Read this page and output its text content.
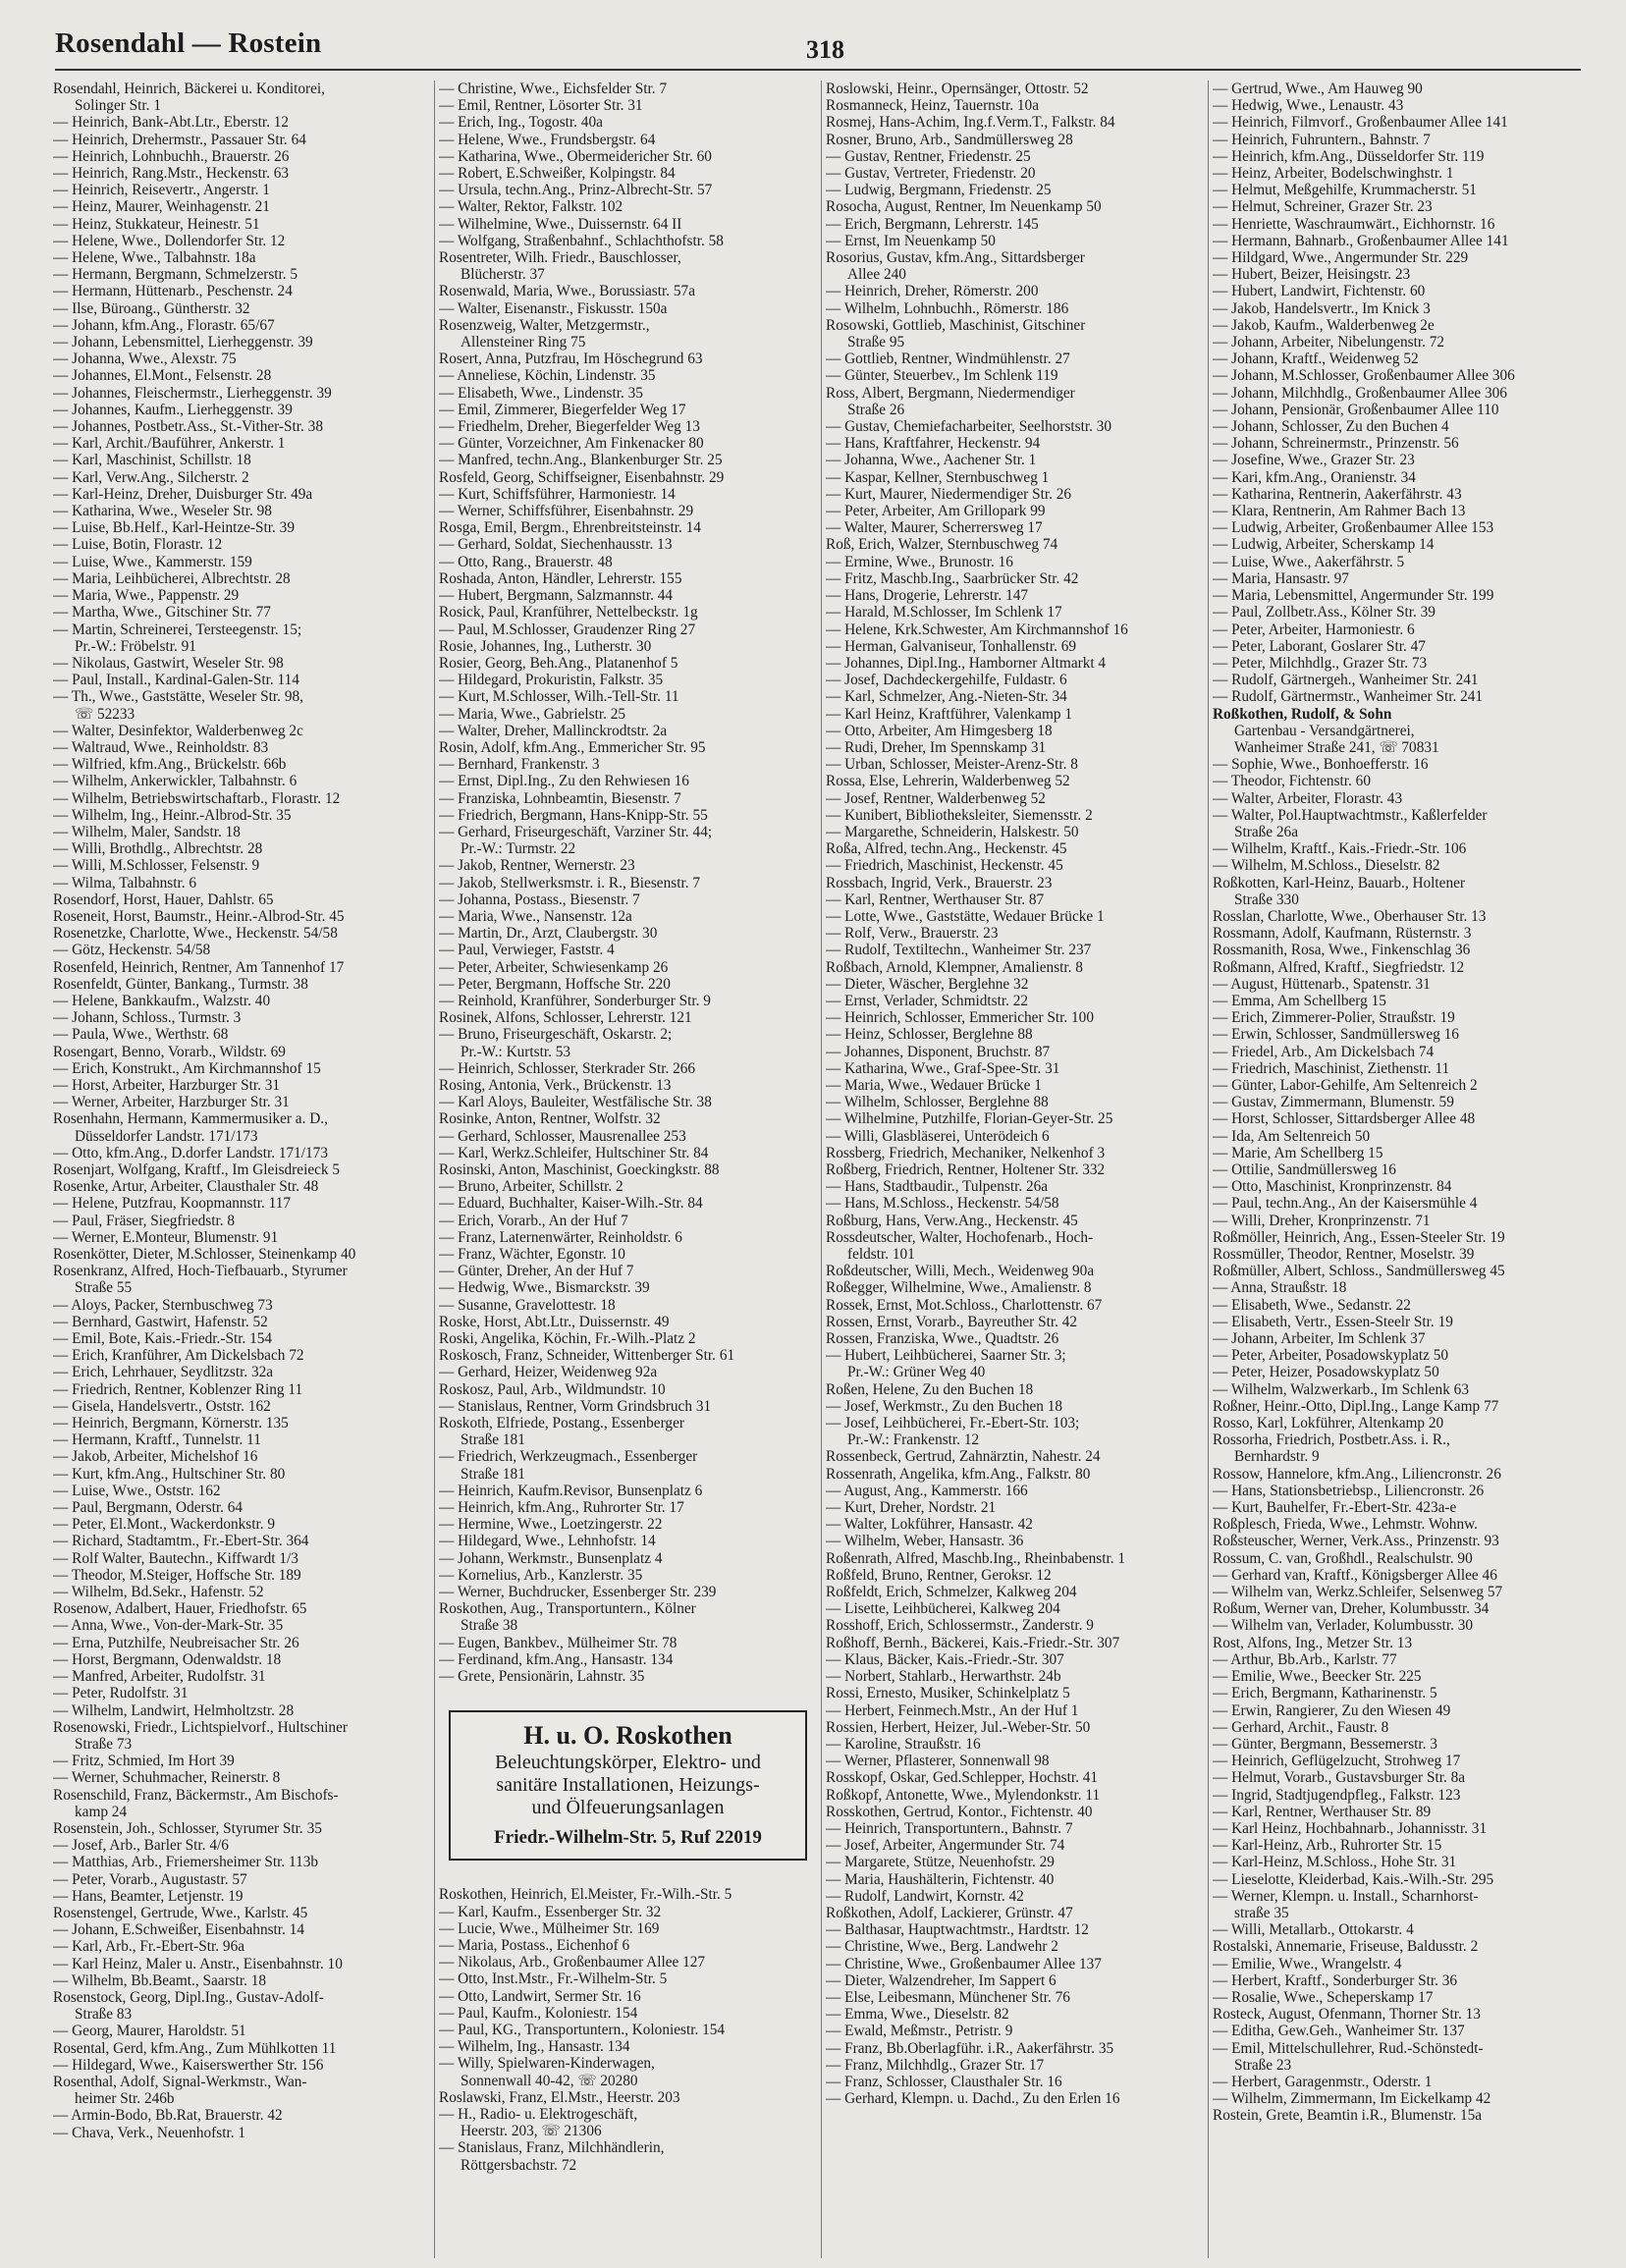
Rosendahl — Rostein	318
Rosendahl, Heinrich, Bäckerei u. Konditorei,
Solinger Str. 1
— Heinrich, Bank-Abt.Ltr., Eberstr. 12
— Heinrich, Drehermstr., Passauer Str. 64
— Heinrich, Lohnbuchh., Brauerstr. 26
— Heinrich, Rang.Mstr., Heckenstr. 63
— Heinrich, Reisevertr., Angerstr. 1
— Heinz, Maurer, Weinhagenstr. 21
— Heinz, Stukkateur, Heinestr. 51
— Helene, Wwe., Dollendorfer Str. 12
— Helene, Wwe., Talbahnstr. 18a
— Hermann, Bergmann, Schmelzerstr. 5
— Hermann, Hüttenarb., Peschenstr. 24
— Ilse, Büroang., Güntherstr. 32
— Johann, kfm.Ang., Florastr. 65/67
— Johann, Lebensmittel, Lierheggenstr. 39
— Johanna, Wwe., Alexstr. 75
— Johannes, El.Mont., Felsenstr. 28
— Johannes, Fleischermstr., Lierheggenstr. 39
— Johannes, Kaufm., Lierheggenstr. 39
— Johannes, Postbetr.Ass., St.-Vither-Str. 38
— Karl, Archit./Bauführer, Ankerstr. 1
— Karl, Maschinist, Schillstr. 18
— Karl, Verw.Ang., Silcherstr. 2
— Karl-Heinz, Dreher, Duisburger Str. 49a
— Katharina, Wwe., Weseler Str. 98
— Luise, Bb.Helf., Karl-Heintze-Str. 39
— Luise, Botin, Florastr. 12
— Luise, Wwe., Kammerstr. 159
— Maria, Leihbücherei, Albrechtstr. 28
— Maria, Wwe., Pappenstr. 29
— Martha, Wwe., Gitschiner Str. 77
— Martin, Schreinerei, Tersteegenstr. 15;
Pr.-W.: Fröbelstr. 91
— Nikolaus, Gastwirt, Weseler Str. 98
— Paul, Install., Kardinal-Galen-Str. 114
— Th., Wwe., Gaststätte, Weseler Str. 98,
☏ 52233
— Walter, Desinfektor, Walderbenweg 2c
— Waltraud, Wwe., Reinholdstr. 83
— Wilfried, kfm.Ang., Brückelstr. 66b
— Wilhelm, Ankerwickler, Talbahnstr. 6
— Wilhelm, Betriebswirtschaftarb., Florastr. 12
— Wilhelm, Ing., Heinr.-Albrod-Str. 35
— Wilhelm, Maler, Sandstr. 18
— Willi, Brothdlg., Albrechtstr. 28
— Willi, M.Schlosser, Felsenstr. 9
— Wilma, Talbahnstr. 6
Rosendorf, Horst, Hauer, Dahlstr. 65
Roseneit, Horst, Baumstr., Heinr.-Albrod-Str. 45
Rosenetzke, Charlotte, Wwe., Heckenstr. 54/58
— Götz, Heckenstr. 54/58
Rosenfeld, Heinrich, Rentner, Am Tannenhof 17
Rosenfeldt, Günter, Bankang., Turmstr. 38
— Helene, Bankkaufm., Walzstr. 40
— Johann, Schloss., Turmstr. 3
— Paula, Wwe., Werthstr. 68
Rosengart, Benno, Vorarb., Wildstr. 69
— Erich, Konstrukt., Am Kirchmannshof 15
— Horst, Arbeiter, Harzburger Str. 31
— Werner, Arbeiter, Harzburger Str. 31
Rosenhahn, Hermann, Kammermusiker a. D.,
Düsseldorfer Landstr. 171/173
— Otto, kfm.Ang., D.dorfer Landstr. 171/173
Rosenjart, Wolfgang, Kraftf., Im Gleisdreieck 5
Rosenke, Artur, Arbeiter, Clausthaler Str. 48
— Helene, Putzfrau, Koopmannstr. 117
— Paul, Fräser, Siegfriedstr. 8
— Werner, E.Monteur, Blumenstr. 91
Rosenkötter, Dieter, M.Schlosser, Steinenkamp 40
Rosenkranz, Alfred, Hoch-Tiefbauarb., Styrumer
Straße 55
— Aloys, Packer, Sternbuschweg 73
— Bernhard, Gastwirt, Hafenstr. 52
— Emil, Bote, Kais.-Friedr.-Str. 154
— Erich, Kranführer, Am Dickelsbach 72
— Erich, Lehrhauer, Seydlitzstr. 32a
— Friedrich, Rentner, Koblenzer Ring 11
— Gisela, Handelsvertr., Oststr. 162
— Heinrich, Bergmann, Körnerstr. 135
— Hermann, Kraftf., Tunnelstr. 11
— Jakob, Arbeiter, Michelshof 16
— Kurt, kfm.Ang., Hultschiner Str. 80
— Luise, Wwe., Oststr. 162
— Paul, Bergmann, Oderstr. 64
— Peter, El.Mont., Wackerdonkstr. 9
— Richard, Stadtamtm., Fr.-Ebert-Str. 364
— Rolf Walter, Bautechn., Kiffwardt 1/3
— Theodor, M.Steiger, Hoffsche Str. 189
— Wilhelm, Bd.Sekr., Hafenstr. 52
Rosenow, Adalbert, Hauer, Friedhofstr. 65
— Anna, Wwe., Von-der-Mark-Str. 35
— Erna, Putzhilfe, Neubreisacher Str. 26
— Horst, Bergmann, Odenwaldstr. 18
— Manfred, Arbeiter, Rudolfstr. 31
— Peter, Rudolfstr. 31
— Wilhelm, Landwirt, Helmholtzstr. 28
Rosenowski, Friedr., Lichtspielvorf., Hultschiner
Straße 73
— Fritz, Schmied, Im Hort 39
— Werner, Schuhmacher, Reinerstr. 8
Rosenschild, Franz, Bäckermstr., Am Bischofs-
kamp 24
Rosenstein, Joh., Schlosser, Styrumer Str. 35
— Josef, Arb., Barler Str. 4/6
— Matthias, Arb., Friemersheimer Str. 113b
— Peter, Vorarb., Augustastr. 57
— Hans, Beamter, Letjenstr. 19
Rosenstengel, Gertrude, Wwe., Karlstr. 45
— Johann, E.Schweißer, Eisenbahnstr. 14
— Karl, Arb., Fr.-Ebert-Str. 96a
— Karl Heinz, Maler u. Anstr., Eisenbahnstr. 10
— Wilhelm, Bb.Beamt., Saarstr. 18
Rosenstock, Georg, Dipl.Ing., Gustav-Adolf-
Straße 83
— Georg, Maurer, Haroldstr. 51
Rosental, Gerd, kfm.Ang., Zum Mühlkotten 11
— Hildegard, Wwe., Kaiserswerther Str. 156
Rosenthal, Adolf, Signal-Werkmstr., Wan-
heimer Str. 246b
— Armin-Bodo, Bb.Rat, Brauerstr. 42
— Chava, Verk., Neuenhofstr. 1
— Christine, Wwe., Eichsfelder Str. 7
— Emil, Rentner, Lösorter Str. 31
— Erich, Ing., Togostr. 40a
— Helene, Wwe., Frundsbergstr. 64
— Katharina, Wwe., Obermeidericher Str. 60
— Robert, E.Schweißer, Kolpingstr. 84
— Ursula, techn.Ang., Prinz-Albrecht-Str. 57
— Walter, Rektor, Falkstr. 102
— Wilhelmine, Wwe., Duissernstr. 64 II
— Wolfgang, Straßenbahnf., Schlachthofstr. 58
Rosentreter, Wilh. Friedr., Bauschlosser,
Blücherstr. 37
Rosenwald, Maria, Wwe., Borussiastr. 57a
— Walter, Eisenanstr., Fiskusstr. 150a
Rosenzweig, Walter, Metzgermstr.,
Allensteiner Ring 75
Rosert, Anna, Putzfrau, Im Höschegrund 63
— Anneliese, Köchin, Lindenstr. 35
— Elisabeth, Wwe., Lindenstr. 35
— Emil, Zimmerer, Biegerfelder Weg 17
— Friedhelm, Dreher, Biegerfelder Weg 13
— Günter, Vorzeichner, Am Finkenacker 80
— Manfred, techn.Ang., Blankenburger Str. 25
Rosfeld, Georg, Schiffseigner, Eisenbahnstr. 29
— Kurt, Schiffsführer, Harmoniestr. 14
— Werner, Schiffsführer, Eisenbahnstr. 29
Rosga, Emil, Bergm., Ehrenbreitsteinstr. 14
— Gerhard, Soldat, Siechenhausstr. 13
— Otto, Rang., Brauerstr. 48
Roshada, Anton, Händler, Lehrerstr. 155
— Hubert, Bergmann, Salzmannstr. 44
Rosick, Paul, Kranführer, Nettelbeckstr. 1g
— Paul, M.Schlosser, Graudenzer Ring 27
Rosie, Johannes, Ing., Lutherstr. 30
Rosier, Georg, Beh.Ang., Platanenhof 5
— Hildegard, Prokuristin, Falkstr. 35
— Kurt, M.Schlosser, Wilh.-Tell-Str. 11
— Maria, Wwe., Gabrielstr. 25
— Walter, Dreher, Mallinckrodtstr. 2a
Rosin, Adolf, kfm.Ang., Emmericher Str. 95
— Bernhard, Frankenstr. 3
— Ernst, Dipl.Ing., Zu den Rehwiesen 16
— Franziska, Lohnbeamtin, Biesenstr. 7
— Friedrich, Bergmann, Hans-Knipp-Str. 55
— Gerhard, Friseurgeschäft, Varziner Str. 44;
Pr.-W.: Turmstr. 22
— Jakob, Rentner, Wernerstr. 23
— Jakob, Stellwerksmstr. i. R., Biesenstr. 7
— Johanna, Postass., Biesenstr. 7
— Maria, Wwe., Nansenstr. 12a
— Martin, Dr., Arzt, Claubergstr. 30
— Paul, Verwieger, Faststr. 4
— Peter, Arbeiter, Schwiesenkamp 26
— Peter, Bergmann, Hoffsche Str. 220
— Reinhold, Kranführer, Sonderburger Str. 9
Rosinek, Alfons, Schlosser, Lehrerstr. 121
— Bruno, Friseurgeschäft, Oskarstr. 2;
Pr.-W.: Kurtstr. 53
— Heinrich, Schlosser, Sterkrader Str. 266
Rosing, Antonia, Verk., Brückenstr. 13
— Karl Aloys, Bauleiter, Westfälische Str. 38
Rosinke, Anton, Rentner, Wolfstr. 32
— Gerhard, Schlosser, Mausrenallee 253
— Karl, Werkz.Schleifer, Hultschiner Str. 84
Rosinski, Anton, Maschinist, Goeckingkstr. 88
— Bruno, Arbeiter, Schillstr. 2
— Eduard, Buchhalter, Kaiser-Wilh.-Str. 84
— Erich, Vorarb., An der Huf 7
— Franz, Laternenwärter, Reinholdstr. 6
— Franz, Wächter, Egonstr. 10
— Günter, Dreher, An der Huf 7
— Hedwig, Wwe., Bismarckstr. 39
— Susanne, Gravelottestr. 18
Roske, Horst, Abt.Ltr., Duissernstr. 49
Roski, Angelika, Köchin, Fr.-Wilh.-Platz 2
Roskosch, Franz, Schneider, Wittenberger Str. 61
— Gerhard, Heizer, Weidenweg 92a
Roskosz, Paul, Arb., Wildmundstr. 10
— Stanislaus, Rentner, Vorm Grindsbruch 31
Roskoth, Elfriede, Postang., Essenberger
Straße 181
— Friedrich, Werkzeugmach., Essenberger
Straße 181
— Heinrich, Kaufm.Revisor, Bunsenplatz 6
— Heinrich, kfm.Ang., Ruhrorter Str. 17
— Hermine, Wwe., Loetzingerstr. 22
— Hildegard, Wwe., Lehnhofstr. 14
— Johann, Werkmstr., Bunsenplatz 4
— Kornelius, Arb., Kanzlerstr. 35
— Werner, Buchdrucker, Essenberger Str. 239
Roskothen, Aug., Transportuntern., Kölner
Straße 38
— Eugen, Bankbev., Mülheimer Str. 78
— Ferdinand, kfm.Ang., Hansastr. 134
— Grete, Pensionärin, Lahnstr. 35
H. u. O. Roskothen
Beleuchtungskörper, Elektro- und
sanitäre Installationen, Heizungs-
und Ölfeuerungsanlagen
Friedr.-Wilhelm-Str. 5, Ruf 22019
Roskothen, Heinrich, El.Meister, Fr.-Wilh.-Str. 5
— Karl, Kaufm., Essenberger Str. 32
— Lucie, Wwe., Mülheimer Str. 169
— Maria, Postass., Eichenhof 6
— Nikolaus, Arb., Großenbaumer Allee 127
— Otto, Inst.Mstr., Fr.-Wilhelm-Str. 5
— Otto, Landwirt, Sermer Str. 16
— Paul, Kaufm., Koloniestr. 154
— Paul, KG., Transportuntern., Koloniestr. 154
— Wilhelm, Ing., Hansastr. 134
— Willy, Spielwaren-Kinderwagen,
Sonnenwall 40-42, ☏ 20280
Roslawski, Franz, El.Mstr., Heerstr. 203
— H., Radio- u. Elektrogeschäft,
Heerstr. 203, ☏ 21306
— Stanislaus, Franz, Milchhändlerin,
Röttgersbachstr. 72
Roslowski, Heinr., Opernsänger, Ottostr. 52
Rosmanneck, Heinz, Tauernstr. 10a
Rosmej, Hans-Achim, Ing.f.Verm.T., Falkstr. 84
Rosner, Bruno, Arb., Sandmüllersweg 28
— Gustav, Rentner, Friedenstr. 25
— Gustav, Vertreter, Friedenstr. 20
— Ludwig, Bergmann, Friedenstr. 25
Rosocha, August, Rentner, Im Neuenkamp 50
— Erich, Bergmann, Lehrerstr. 145
— Ernst, Im Neuenkamp 50
Rosorius, Gustav, kfm.Ang., Sittardsberger
Allee 240
— Heinrich, Dreher, Römerstr. 200
— Wilhelm, Lohnbuchh., Römerstr. 186
Rosowski, Gottlieb, Maschinist, Gitschiner
Straße 95
— Gottlieb, Rentner, Windmühlenstr. 27
— Günter, Steuerbev., Im Schlenk 119
Ross, Albert, Bergmann, Niedermendiger
Straße 26
— Gustav, Chemiefacharbeiter, Seelhorststr. 30
— Hans, Kraftfahrer, Heckenstr. 94
— Johanna, Wwe., Aachener Str. 1
— Kaspar, Kellner, Sternbuschweg 1
— Kurt, Maurer, Niedermendiger Str. 26
— Peter, Arbeiter, Am Grillopark 99
— Walter, Maurer, Scherrersweg 17
Roß, Erich, Walzer, Sternbuschweg 74
— Ermine, Wwe., Brunostr. 16
— Fritz, Maschb.Ing., Saarbrücker Str. 42
— Hans, Drogerie, Lehrerstr. 147
— Harald, M.Schlosser, Im Schlenk 17
— Helene, Krk.Schwester, Am Kirchmannshof 16
— Herman, Galvaniseur, Tonhallenstr. 69
— Johannes, Dipl.Ing., Hamborner Altmarkt 4
— Josef, Dachdeckergehilfe, Fuldastr. 6
— Karl, Schmelzer, Ang.-Nieten-Str. 34
— Karl Heinz, Kraftführer, Valenkamp 1
— Otto, Arbeiter, Am Himgesberg 18
— Rudi, Dreher, Im Spennskamp 31
— Urban, Schlosser, Meister-Arenz-Str. 8
Rossa, Else, Lehrerin, Walderbenweg 52
— Josef, Rentner, Walderbenweg 52
— Kunibert, Bibliotheksleiter, Siemensstr. 2
— Margarethe, Schneiderin, Halskestr. 50
Roßa, Alfred, techn.Ang., Heckenstr. 45
— Friedrich, Maschinist, Heckenstr. 45
Rossbach, Ingrid, Verk., Brauerstr. 23
— Karl, Rentner, Werthauser Str. 87
— Lotte, Wwe., Gaststätte, Wedauer Brücke 1
— Rolf, Verw., Brauerstr. 23
— Rudolf, Textiltechn., Wanheimer Str. 237
Roßbach, Arnold, Klempner, Amalienstr. 8
— Dieter, Wäscher, Berglehne 32
— Ernst, Verlader, Schmidtstr. 22
— Heinrich, Schlosser, Emmericher Str. 100
— Heinz, Schlosser, Berglehne 88
— Johannes, Disponent, Bruchstr. 87
— Katharina, Wwe., Graf-Spee-Str. 31
— Maria, Wwe., Wedauer Brücke 1
— Wilhelm, Schlosser, Berglehne 88
— Wilhelmine, Putzhilfe, Florian-Geyer-Str. 25
— Willi, Glasbläserei, Unterödeich 6
Rossberg, Friedrich, Mechaniker, Nelkenhof 3
Roßberg, Friedrich, Rentner, Holtener Str. 332
— Hans, Stadtbaudir., Tulpenstr. 26a
— Hans, M.Schloss., Heckenstr. 54/58
Roßburg, Hans, Verw.Ang., Heckenstr. 45
Rossdeutscher, Walter, Hochofenarb., Hoch-
feldstr. 101
Roßdeutscher, Willi, Mech., Weidenweg 90a
Roßegger, Wilhelmine, Wwe., Amalienstr. 8
Rossek, Ernst, Mot.Schloss., Charlottenstr. 67
Rossen, Ernst, Vorarb., Bayreuther Str. 42
Rossen, Franziska, Wwe., Quadtstr. 26
— Hubert, Leihbücherei, Saarner Str. 3;
Pr.-W.: Grüner Weg 40
Roßen, Helene, Zu den Buchen 18
— Josef, Werkmstr., Zu den Buchen 18
— Josef, Leihbücherei, Fr.-Ebert-Str. 103;
Pr.-W.: Frankenstr. 12
Rossenbeck, Gertrud, Zahnärztin, Nahestr. 24
Rossenrath, Angelika, kfm.Ang., Falkstr. 80
— August, Ang., Kammerstr. 166
— Kurt, Dreher, Nordstr. 21
— Walter, Lokführer, Hansastr. 42
— Wilhelm, Weber, Hansastr. 36
Roßenrath, Alfred, Maschb.Ing., Rheinbabenstr. 1
Roßfeld, Bruno, Rentner, Geroksr. 12
Roßfeldt, Erich, Schmelzer, Kalkweg 204
— Lisette, Leihbücherei, Kalkweg 204
Rosshoff, Erich, Schlossermstr., Zanderstr. 9
Roßhoff, Bernh., Bäckerei, Kais.-Friedr.-Str. 307
— Klaus, Bäcker, Kais.-Friedr.-Str. 307
— Norbert, Stahlarb., Herwarthstr. 24b
Rossi, Ernesto, Musiker, Schinkelplatz 5
— Herbert, Feinmech.Mstr., An der Huf 1
Rossien, Herbert, Heizer, Jul.-Weber-Str. 50
— Karoline, Straußstr. 16
— Werner, Pflasterer, Sonnenwall 98
Rosskopf, Oskar, Ged.Schlepper, Hochstr. 41
Roßkopf, Antonette, Wwe., Mylendonkstr. 11
Rosskothen, Gertrud, Kontor., Fichtenstr. 40
— Heinrich, Transportuntern., Bahnstr. 7
— Josef, Arbeiter, Angermunder Str. 74
— Margarete, Stütze, Neuenhofstr. 29
— Maria, Haushälterin, Fichtenstr. 40
— Rudolf, Landwirt, Kornstr. 42
Roßkothen, Adolf, Lackierer, Grünstr. 47
— Balthasar, Hauptwachtmstr., Hardtstr. 12
— Christine, Wwe., Berg. Landwehr 2
— Christine, Wwe., Großenbaumer Allee 137
— Dieter, Walzendreher, Im Sappert 6
— Else, Leibesmann, Münchener Str. 76
— Emma, Wwe., Dieselstr. 82
— Ewald, Meßmstr., Petristr. 9
— Franz, Bb.Oberlagführ. i.R., Aakerfährstr. 35
— Franz, Milchhdlg., Grazer Str. 17
— Franz, Schlosser, Clausthaler Str. 16
— Gerhard, Klempn. u. Dachd., Zu den Erlen 16
— Gertrud, Wwe., Am Hauweg 90
— Hedwig, Wwe., Lenaustr. 43
— Heinrich, Filmvorf., Großenbaumer Allee 141
— Heinrich, Fuhruntern., Bahnstr. 7
— Heinrich, kfm.Ang., Düsseldorfer Str. 119
— Heinz, Arbeiter, Bodelschwinghstr. 1
— Helmut, Meßgehilfe, Krummacherstr. 51
— Helmut, Schreiner, Grazer Str. 23
— Henriette, Waschraumwärt., Eichhornstr. 16
— Hermann, Bahnarb., Großenbaumer Allee 141
— Hildgard, Wwe., Angermunder Str. 229
— Hubert, Beizer, Heisingstr. 23
— Hubert, Landwirt, Fichtenstr. 60
— Jakob, Handelsvertr., Im Knick 3
— Jakob, Kaufm., Walderbenweg 2e
— Johann, Arbeiter, Nibelungenstr. 72
— Johann, Kraftf., Weidenweg 52
— Johann, M.Schlosser, Großenbaumer Allee 306
— Johann, Milchhdlg., Großenbaumer Allee 306
— Johann, Pensionär, Großenbaumer Allee 110
— Johann, Schlosser, Zu den Buchen 4
— Johann, Schreinermstr., Prinzenstr. 56
— Josefine, Wwe., Grazer Str. 23
— Kari, kfm.Ang., Oranienstr. 34
— Katharina, Rentnerin, Aakerfährstr. 43
— Klara, Rentnerin, Am Rahmer Bach 13
— Ludwig, Arbeiter, Großenbaumer Allee 153
— Ludwig, Arbeiter, Scherskamp 14
— Luise, Wwe., Aakerfährstr. 5
— Maria, Hansastr. 97
— Maria, Lebensmittel, Angermunder Str. 199
— Paul, Zollbetr.Ass., Kölner Str. 39
— Peter, Arbeiter, Harmoniestr. 6
— Peter, Laborant, Goslarer Str. 47
— Peter, Milchhdlg., Grazer Str. 73
— Rudolf, Gärtnergeh., Wanheimer Str. 241
— Rudolf, Gärtnermstr., Wanheimer Str. 241
Roßkothen, Rudolf, & Sohn
Gartenbau - Versandgärtnerei,
Wanheimer Straße 241, ☏ 70831
— Sophie, Wwe., Bonhoefferstr. 16
— Theodor, Fichtenstr. 60
— Walter, Arbeiter, Florastr. 43
— Walter, Pol.Hauptwachtmstr., Kaßlerfelder
Straße 26a
— Wilhelm, Kraftf., Kais.-Friedr.-Str. 106
— Wilhelm, M.Schloss., Dieselstr. 82
Roßkotten, Karl-Heinz, Bauarb., Holtener
Straße 330
Rosslan, Charlotte, Wwe., Oberhauser Str. 13
Rossmann, Adolf, Kaufmann, Rüsternstr. 3
Rossmanith, Rosa, Wwe., Finkenschlag 36
Roßmann, Alfred, Kraftf., Siegfriedstr. 12
— August, Hüttenarb., Spatenstr. 31
— Emma, Am Schellberg 15
— Erich, Zimmerer-Polier, Straußstr. 19
— Erwin, Schlosser, Sandmüllersweg 16
— Friedel, Arb., Am Dickelsbach 74
— Friedrich, Maschinist, Ziethenstr. 11
— Günter, Labor-Gehilfe, Am Seltenreich 2
— Gustav, Zimmermann, Blumenstr. 59
— Horst, Schlosser, Sittardsberger Allee 48
— Ida, Am Seltenreich 50
— Marie, Am Schellberg 15
— Ottilie, Sandmüllersweg 16
— Otto, Maschinist, Kronprinzenstr. 84
— Paul, techn.Ang., An der Kaisersmühle 4
— Willi, Dreher, Kronprinzenstr. 71
Roßmöller, Heinrich, Ang., Essen-Steeler Str. 19
Rossmüller, Theodor, Rentner, Moselstr. 39
Roßmüller, Albert, Schloss., Sandmüllersweg 45
— Anna, Straußstr. 18
— Elisabeth, Wwe., Sedanstr. 22
— Elisabeth, Vertr., Essen-Steelr Str. 19
— Johann, Arbeiter, Im Schlenk 37
— Peter, Arbeiter, Posadowskyplatz 50
— Peter, Heizer, Posadowskyplatz 50
— Wilhelm, Walzwerkarb., Im Schlenk 63
Roßner, Heinr.-Otto, Dipl.Ing., Lange Kamp 77
Rosso, Karl, Lokführer, Altenkamp 20
Rossorha, Friedrich, Postbetr.Ass. i. R.,
Bernhardstr. 9
Rossow, Hannelore, kfm.Ang., Liliencronstr. 26
— Hans, Stationsbetriebsp., Liliencronstr. 26
— Kurt, Bauhelfer, Fr.-Ebert-Str. 423a-e
Roßplesch, Frieda, Wwe., Lehmstr. Wohnw.
Roßsteuscher, Werner, Verk.Ass., Prinzenstr. 93
Rossum, C. van, Großhdl., Realschulstr. 90
— Gerhard van, Kraftf., Königsberger Allee 46
— Wilhelm van, Werkz.Schleifer, Selsenweg 57
Roßum, Werner van, Dreher, Kolumbusstr. 34
— Wilhelm van, Verlader, Kolumbusstr. 30
Rost, Alfons, Ing., Metzer Str. 13
— Arthur, Bb.Arb., Karlstr. 77
— Emilie, Wwe., Beecker Str. 225
— Erich, Bergmann, Katharinenstr. 5
— Erwin, Rangierer, Zu den Wiesen 49
— Gerhard, Archit., Faustr. 8
— Günter, Bergmann, Bessemerstr. 3
— Heinrich, Geflügelzucht, Strohweg 17
— Helmut, Vorarb., Gustavsburger Str. 8a
— Ingrid, Stadtjugendpfleg., Falkstr. 123
— Karl, Rentner, Werthauser Str. 89
— Karl Heinz, Hochbahnarb., Johannisstr. 31
— Karl-Heinz, Arb., Ruhrorter Str. 15
— Karl-Heinz, M.Schloss., Hohe Str. 31
— Lieselotte, Kleiderbad, Kais.-Wilh.-Str. 295
— Werner, Klempn. u. Install., Scharnhorst-
straße 35
— Willi, Metallarb., Ottokarstr. 4
Rostalski, Annemarie, Friseuse, Baldusstr. 2
— Emilie, Wwe., Wrangelstr. 4
— Herbert, Kraftf., Sonderburger Str. 36
— Rosalie, Wwe., Scheperskamp 17
Rosteck, August, Ofenmann, Thorner Str. 13
— Editha, Gew.Geh., Wanheimer Str. 137
— Emil, Mittelschullehrer, Rud.-Schönstedt-
Straße 23
— Herbert, Garagenmstr., Oderstr. 1
— Wilhelm, Zimmermann, Im Eickelkamp 42
Rostein, Grete, Beamtin i.R., Blumenstr. 15a
